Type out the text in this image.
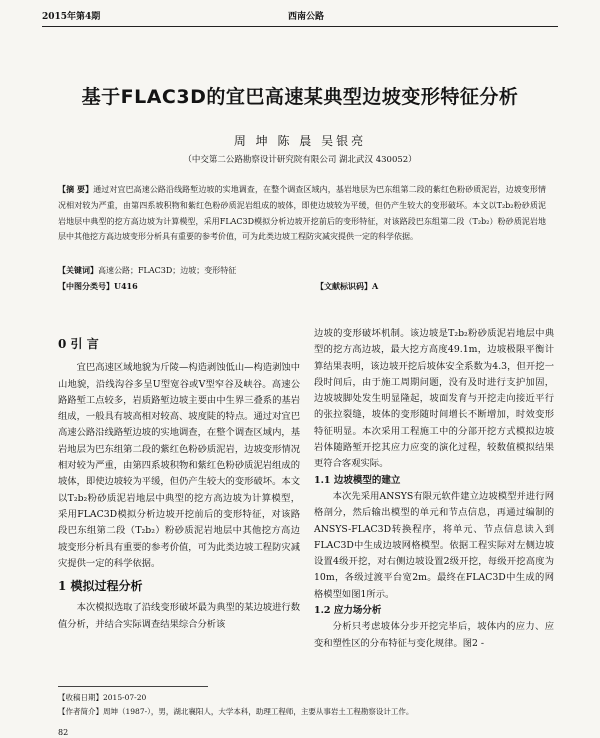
2015年第4期	西南公路
基于FLAC3D的宜巴高速某典型边坡变形特征分析
周 坤 陈 晨 吴银亮
（中交第二公路勘察设计研究院有限公司 湖北武汉 430052）
【摘 要】通过对宜巴高速公路沿线路堑边坡的实地调查，在整个调查区域内，基岩地层为巴东组第二段的紫红色粉砂质泥岩，边坡变形情况相对较为严重，由第四系坡积物和紫红色粉砂质泥岩组成的坡体，即使边坡较为平缓，但仍产生较大的变形破坏。本文以T₂b₂粉砂质泥岩地层中典型的挖方高边坡为计算模型，采用FLAC3D模拟分析边坡开挖前后的变形特征，对该路段巴东组第二段（T₂b₂）粉砂质泥岩地层中其他挖方高边坡变形分析具有重要的参考价值，可为此类边坡工程防灾减灾提供一定的科学依据。
【关键词】高速公路；FLAC3D；边坡；变形特征
【中图分类号】U416	【文献标识码】A
0 引 言

宜巴高速区域地貌为斤陵—构造剥蚀低山—构造剥蚀中山地貌，沿线沟谷多呈U型宽谷或V型窄谷及峡谷。高速公路路堑工点较多，岩质路堑边坡主要由中生界三叠系的基岩组成，一般具有坡高相对较高、坡度陡的特点。通过对宜巴高速公路沿线路堑边坡的实地调查，在整个调查区域内，基岩地层为巴东组第二段的紫红色粉砂质泥岩，边坡变形情况相对较为严重，由第四系坡积物和紫红色粉砂质泥岩组成的坡体，即使边坡较为平缓，但仍产生较大的变形破坏。本文以T₂b₂粉砂质泥岩地层中典型的挖方高边坡为计算模型，采用FLAC3D模拟分析边坡开挖前后的变形特征，对该路段巴东组第二段（T₂b₂）粉砂质泥岩地层中其他挖方高边坡变形分析具有重要的参考价值，可为此类边坡工程防灾减灾提供一定的科学依据。

1 模拟过程分析

本次模拟选取了沿线变形破坏最为典型的某边坡进行数值分析，并结合实际调查结果综合分析该

边坡的变形破坏机制。该边坡是T₂b₂粉砂质泥岩地层中典型的挖方高边坡，最大挖方高度49.1m，边坡极限平衡计算结果表明，该边坡开挖后坡体安全系数为4.3，但开挖一段时间后，由于施工周期问题，没有及时进行支护加固，边坡坡脚处发生明显隆起，坡面发育与开挖走向接近平行的张拉裂缝，坡体的变形随时间增长不断增加，时效变形特征明显。本次采用工程施工中的分部开挖方式模拟边坡岩体随路堑开挖其应力应变的演化过程，较数值模拟结果更符合客观实际。
1.1 边坡模型的建立

本次先采用ANSYS有限元软件建立边坡模型并进行网格剖分，然后输出模型的单元和节点信息，再通过编制的ANSYS-FLAC3D转换程序，将单元、节点信息读入到FLAC3D中生成边坡网格模型。依据工程实际对左侧边坡设置4级开挖，对右侧边坡设置2级开挖，每级开挖高度为10m，各级过渡平台宽2m。最终在FLAC3D中生成的网格模型如图1所示。

1.2 应力场分析

分析只考虑坡体分步开挖完毕后，坡体内的应力、应变和塑性区的分布特征与变化规律。图2 -

【收稿日期】2015-07-20
【作者简介】周坤（1987-），男，湖北襄阳人，大学本科，助理工程师，主要从事岩土工程勘察设计工作。
82
